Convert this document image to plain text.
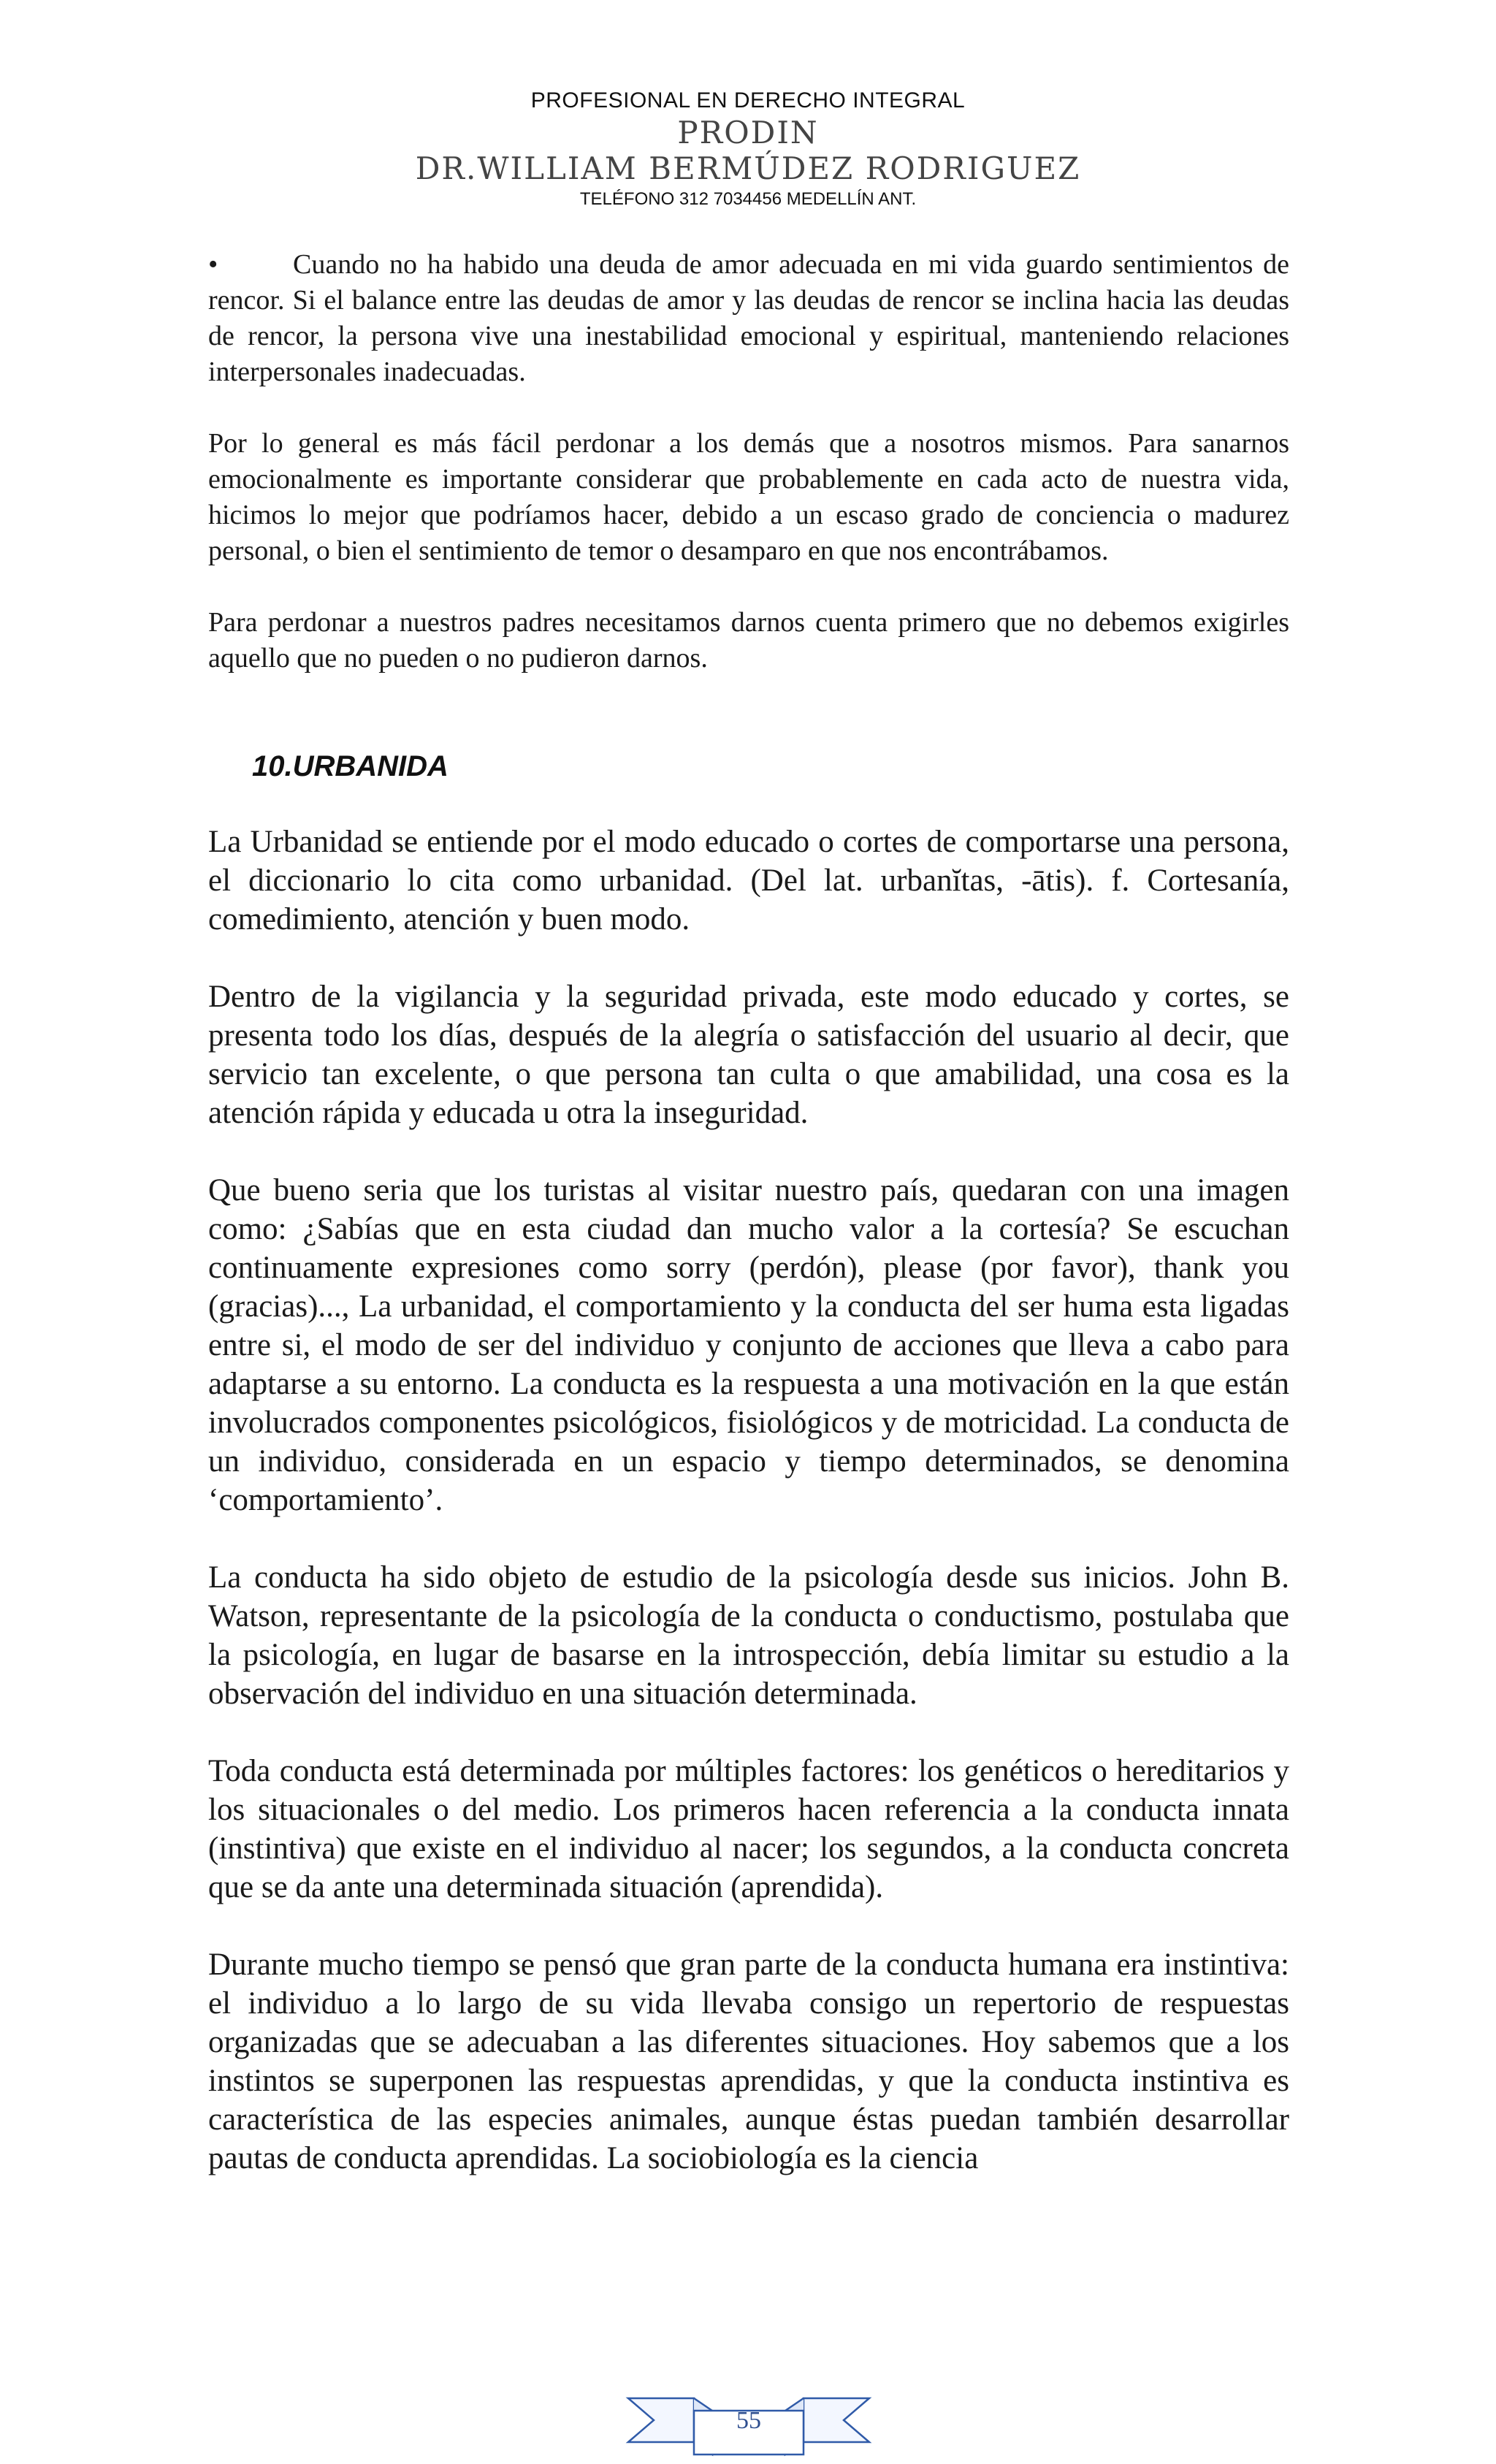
PROFESIONAL EN DERECHO INTEGRAL
PRODIN
DR.WILLIAM BERMÚDEZ RODRIGUEZ
TELÉFONO 312 7034456 MEDELLÍN ANT.

•	Cuando no ha habido una deuda de amor adecuada en mi vida guardo sentimientos de rencor. Si el balance entre las deudas de amor y las deudas de rencor se inclina hacia las deudas de rencor, la persona vive una inestabilidad emocional y espiritual, manteniendo relaciones interpersonales inadecuadas.

Por lo general es más fácil perdonar a los demás que a nosotros mismos. Para sanarnos emocionalmente es importante considerar que probablemente en cada acto de nuestra vida, hicimos lo mejor que podríamos hacer, debido a un escaso grado de conciencia o madurez personal, o bien el sentimiento de temor o desamparo en que nos encontrábamos.

Para perdonar a nuestros padres necesitamos darnos cuenta primero que no debemos exigirles aquello que no pueden o no pudieron darnos.

10.URBANIDA

La Urbanidad se entiende por el modo educado o cortes de comportarse una persona, el diccionario lo cita como urbanidad. (Del lat. urbanĭtas, -ātis). f. Cortesanía, comedimiento, atención y buen modo.

Dentro de la vigilancia y la seguridad privada, este modo educado y cortes, se presenta todo los días, después de la alegría o satisfacción del usuario al decir, que servicio tan excelente, o que persona tan culta o que amabilidad, una cosa es la atención rápida y educada u otra la inseguridad.

Que bueno seria que los turistas al visitar nuestro país, quedaran con una imagen como: ¿Sabías que en esta ciudad dan mucho valor a la cortesía? Se escuchan continuamente expresiones como sorry (perdón), please (por favor), thank you (gracias)..., La urbanidad, el comportamiento y la conducta del ser huma esta ligadas entre si, el modo de ser del individuo y conjunto de acciones que lleva a cabo para adaptarse a su entorno. La conducta es la respuesta a una motivación en la que están involucrados componentes psicológicos, fisiológicos y de motricidad. La conducta de un individuo, considerada en un espacio y tiempo determinados, se denomina ‘comportamiento’.

La conducta ha sido objeto de estudio de la psicología desde sus inicios. John B. Watson, representante de la psicología de la conducta o conductismo, postulaba que la psicología, en lugar de basarse en la introspección, debía limitar su estudio a la observación del individuo en una situación determinada.

Toda conducta está determinada por múltiples factores: los genéticos o hereditarios y los situacionales o del medio. Los primeros hacen referencia a la conducta innata (instintiva) que existe en el individuo al nacer; los segundos, a la conducta concreta que se da ante una determinada situación (aprendida).

Durante mucho tiempo se pensó que gran parte de la conducta humana era instintiva: el individuo a lo largo de su vida llevaba consigo un repertorio de respuestas organizadas que se adecuaban a las diferentes situaciones. Hoy sabemos que a los instintos se superponen las respuestas aprendidas, y que la conducta instintiva es característica de las especies animales, aunque éstas puedan también desarrollar pautas de conducta aprendidas. La sociobiología es la ciencia

55
